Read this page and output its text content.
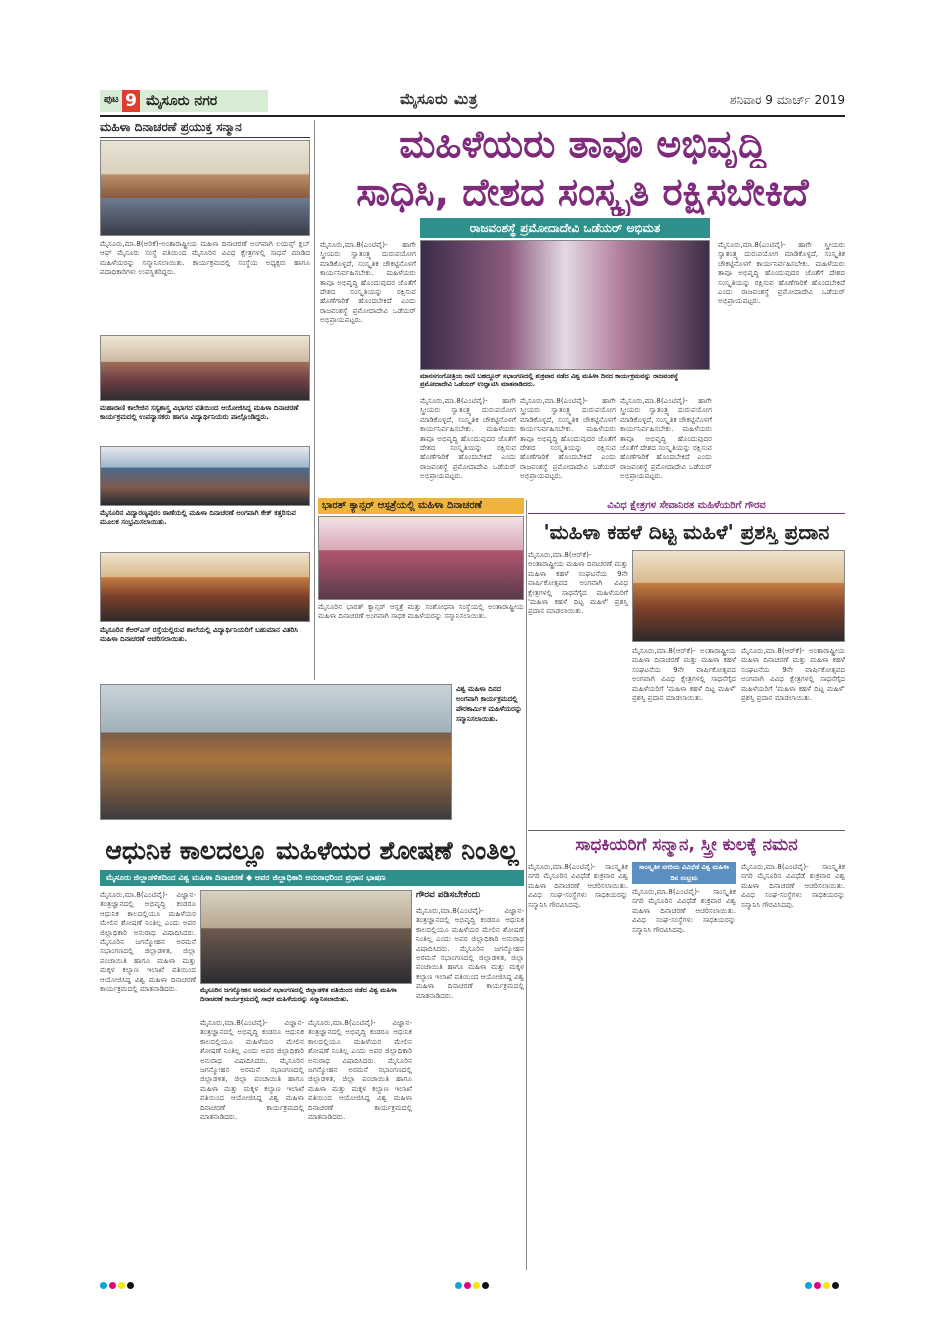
ಪುಟ 9 ಮೈಸೂರು ನಗರ	ಮೈಸೂರು ಮಿತ್ರ	ಶನಿವಾರ 9 ಮಾರ್ಚ್ 2019
ಮಹಿಳಾ ದಿನಾಚರಣೆ ಪ್ರಯುಕ್ತ ಸನ್ಮಾನ
ಮೈಸೂರು,ಮಾ.8(ಅರಿಕೆ)-ಅಂತಾರಾಷ್ಟ್ರೀಯ ಮಹಿಳಾ ದಿನಾಚರಣೆ ಅಂಗವಾಗಿ ಲಯನ್ಸ್ ಕ್ಲಬ್ ಆಫ್ ಮೈಸೂರು ಸಂಸ್ಥೆ ವತಿಯಿಂದ ಮೈಸೂರಿನ ವಿವಿಧ ಕ್ಷೇತ್ರಗಳಲ್ಲಿ ಸಾಧನೆ ಮಾಡಿದ ಮಹಿಳೆಯರನ್ನು ಸನ್ಮಾನಿಸಲಾಯಿತು. ಕಾರ್ಯಕ್ರಮದಲ್ಲಿ ಸಂಸ್ಥೆಯ ಅಧ್ಯಕ್ಷರು ಹಾಗೂ ಪದಾಧಿಕಾರಿಗಳು ಉಪಸ್ಥಿತರಿದ್ದರು.
ಮಹಾರಾಣಿ ಕಾಲೇಜಿನ ಸಸ್ಯಶಾಸ್ತ್ರ ವಿಭಾಗದ ವತಿಯಿಂದ ಆಯೋಜಿಸಿದ್ದ ಮಹಿಳಾ ದಿನಾಚರಣೆ ಕಾರ್ಯಕ್ರಮದಲ್ಲಿ ಉಪನ್ಯಾಸಕರು ಹಾಗೂ ವಿದ್ಯಾರ್ಥಿನಿಯರು ಪಾಲ್ಗೊಂಡಿದ್ದರು.
ಮೈಸೂರಿನ ವಿದ್ಯಾರಣ್ಯಪುರಂ ಠಾಣೆಯಲ್ಲಿ ಮಹಿಳಾ ದಿನಾಚರಣೆ ಅಂಗವಾಗಿ ಕೇಕ್ ಕತ್ತರಿಸುವ ಮೂಲಕ ಸಂಭ್ರಮಿಸಲಾಯಿತು.
ಮೈಸೂರಿನ ಕೆಆರ್‌ಎಸ್ ರಸ್ತೆಯಲ್ಲಿರುವ ಶಾಲೆಯಲ್ಲಿ ವಿದ್ಯಾರ್ಥಿನಿಯರಿಗೆ ಬಹುಮಾನ ವಿತರಿಸಿ ಮಹಿಳಾ ದಿನಾಚರಣೆ ಆಚರಿಸಲಾಯಿತು.
ಮಹಿಳೆಯರು ತಾವೂ ಅಭಿವೃದ್ಧಿ
ಸಾಧಿಸಿ, ದೇಶದ ಸಂಸ್ಕೃತಿ ರಕ್ಷಿಸಬೇಕಿದೆ
ರಾಜವಂಶಸ್ಥೆ ಪ್ರಮೋದಾದೇವಿ ಒಡೆಯರ್ ಅಭಿಮತ
ಮೈಸೂರು,ಮಾ.8(ಎಂಟಿವೈ)- ಹಾಗೇ ಸ್ತ್ರೀಯರು ಸ್ವಾತಂತ್ರ್ಯ ದುರುಪಯೋಗ ಮಾಡಿಕೊಳ್ಳದೆ, ಸಂಸ್ಕೃತಿಕ ಚೌಕಟ್ಟಿನೊಳಗೆ ಕಾರ್ಯನಿರ್ವಹಿಸಬೇಕು. ಮಹಿಳೆಯರು ತಾವೂ ಅಭಿವೃದ್ಧಿ ಹೊಂದುವುದರ ಜೊತೆಗೆ ದೇಶದ ಸಂಸ್ಕೃತಿಯನ್ನು ರಕ್ಷಿಸುವ ಹೊಣೆಗಾರಿಕೆ ಹೊಂದಬೇಕಿದೆ ಎಂದು ರಾಜವಂಶಸ್ಥೆ ಪ್ರಮೋದಾದೇವಿ ಒಡೆಯರ್ ಅಭಿಪ್ರಾಯಪಟ್ಟರು.
ಮಾನಸಗಂಗೋತ್ರಿಯ ರಾಣಿ ಬಹದ್ದೂರ್ ಸಭಾಂಗಣದಲ್ಲಿ ಶುಕ್ರವಾರ ನಡೆದ ವಿಶ್ವ ಮಹಿಳಾ ದಿನದ ಕಾರ್ಯಕ್ರಮವನ್ನು ರಾಜವಂಶಸ್ಥೆ ಪ್ರಮೋದಾದೇವಿ ಒಡೆಯರ್ ಉದ್ಘಾಟಿಸಿ ಮಾತನಾಡಿದರು.
ಮೈಸೂರು,ಮಾ.8(ಎಂಟಿವೈ)- ಹಾಗೇ ಸ್ತ್ರೀಯರು ಸ್ವಾತಂತ್ರ್ಯ ದುರುಪಯೋಗ ಮಾಡಿಕೊಳ್ಳದೆ, ಸಂಸ್ಕೃತಿಕ ಚೌಕಟ್ಟಿನೊಳಗೆ ಕಾರ್ಯನಿರ್ವಹಿಸಬೇಕು. ಮಹಿಳೆಯರು ತಾವೂ ಅಭಿವೃದ್ಧಿ ಹೊಂದುವುದರ ಜೊತೆಗೆ ದೇಶದ ಸಂಸ್ಕೃತಿಯನ್ನು ರಕ್ಷಿಸುವ ಹೊಣೆಗಾರಿಕೆ ಹೊಂದಬೇಕಿದೆ ಎಂದು ರಾಜವಂಶಸ್ಥೆ ಪ್ರಮೋದಾದೇವಿ ಒಡೆಯರ್ ಅಭಿಪ್ರಾಯಪಟ್ಟರು.
ಮೈಸೂರು,ಮಾ.8(ಎಂಟಿವೈ)- ಹಾಗೇ ಸ್ತ್ರೀಯರು ಸ್ವಾತಂತ್ರ್ಯ ದುರುಪಯೋಗ ಮಾಡಿಕೊಳ್ಳದೆ, ಸಂಸ್ಕೃತಿಕ ಚೌಕಟ್ಟಿನೊಳಗೆ ಕಾರ್ಯನಿರ್ವಹಿಸಬೇಕು. ಮಹಿಳೆಯರು ತಾವೂ ಅಭಿವೃದ್ಧಿ ಹೊಂದುವುದರ ಜೊತೆಗೆ ದೇಶದ ಸಂಸ್ಕೃತಿಯನ್ನು ರಕ್ಷಿಸುವ ಹೊಣೆಗಾರಿಕೆ ಹೊಂದಬೇಕಿದೆ ಎಂದು ರಾಜವಂಶಸ್ಥೆ ಪ್ರಮೋದಾದೇವಿ ಒಡೆಯರ್ ಅಭಿಪ್ರಾಯಪಟ್ಟರು.
ಮೈಸೂರು,ಮಾ.8(ಎಂಟಿವೈ)- ಹಾಗೇ ಸ್ತ್ರೀಯರು ಸ್ವಾತಂತ್ರ್ಯ ದುರುಪಯೋಗ ಮಾಡಿಕೊಳ್ಳದೆ, ಸಂಸ್ಕೃತಿಕ ಚೌಕಟ್ಟಿನೊಳಗೆ ಕಾರ್ಯನಿರ್ವಹಿಸಬೇಕು. ಮಹಿಳೆಯರು ತಾವೂ ಅಭಿವೃದ್ಧಿ ಹೊಂದುವುದರ ಜೊತೆಗೆ ದೇಶದ ಸಂಸ್ಕೃತಿಯನ್ನು ರಕ್ಷಿಸುವ ಹೊಣೆಗಾರಿಕೆ ಹೊಂದಬೇಕಿದೆ ಎಂದು ರಾಜವಂಶಸ್ಥೆ ಪ್ರಮೋದಾದೇವಿ ಒಡೆಯರ್ ಅಭಿಪ್ರಾಯಪಟ್ಟರು.
ಮೈಸೂರು,ಮಾ.8(ಎಂಟಿವೈ)- ಹಾಗೇ ಸ್ತ್ರೀಯರು ಸ್ವಾತಂತ್ರ್ಯ ದುರುಪಯೋಗ ಮಾಡಿಕೊಳ್ಳದೆ, ಸಂಸ್ಕೃತಿಕ ಚೌಕಟ್ಟಿನೊಳಗೆ ಕಾರ್ಯನಿರ್ವಹಿಸಬೇಕು. ಮಹಿಳೆಯರು ತಾವೂ ಅಭಿವೃದ್ಧಿ ಹೊಂದುವುದರ ಜೊತೆಗೆ ದೇಶದ ಸಂಸ್ಕೃತಿಯನ್ನು ರಕ್ಷಿಸುವ ಹೊಣೆಗಾರಿಕೆ ಹೊಂದಬೇಕಿದೆ ಎಂದು ರಾಜವಂಶಸ್ಥೆ ಪ್ರಮೋದಾದೇವಿ ಒಡೆಯರ್ ಅಭಿಪ್ರಾಯಪಟ್ಟರು.
ಭಾರತ್ ಕ್ಯಾನ್ಸರ್ ಆಸ್ಪತ್ರೆಯಲ್ಲಿ ಮಹಿಳಾ ದಿನಾಚರಣೆ
ಮೈಸೂರಿನ ಭಾರತ್ ಕ್ಯಾನ್ಸರ್ ಆಸ್ಪತ್ರೆ ಮತ್ತು ಸಂಶೋಧನಾ ಸಂಸ್ಥೆಯಲ್ಲಿ ಅಂತಾರಾಷ್ಟ್ರೀಯ ಮಹಿಳಾ ದಿನಾಚರಣೆ ಅಂಗವಾಗಿ ಸಾಧಕ ಮಹಿಳೆಯರನ್ನು ಸನ್ಮಾನಿಸಲಾಯಿತು.
ವಿವಿಧ ಕ್ಷೇತ್ರಗಳ ಸೇವಾನಿರತ ಮಹಿಳೆಯರಿಗೆ ಗೌರವ
'ಮಹಿಳಾ ಕಹಳೆ ದಿಟ್ಟ ಮಹಿಳೆ' ಪ್ರಶಸ್ತಿ ಪ್ರದಾನ
ಮೈಸೂರು,ಮಾ.8(ಆರ್‌ಕೆ)- ಅಂತಾರಾಷ್ಟ್ರೀಯ ಮಹಿಳಾ ದಿನಾಚರಣೆ ಮತ್ತು ಮಹಿಳಾ ಕಹಳೆ ಸಂಘಟನೆಯ 9ನೇ ವಾರ್ಷಿಕೋತ್ಸವದ ಅಂಗವಾಗಿ ವಿವಿಧ ಕ್ಷೇತ್ರಗಳಲ್ಲಿ ಸಾಧನೆಗೈದ ಮಹಿಳೆಯರಿಗೆ 'ಮಹಿಳಾ ಕಹಳೆ ದಿಟ್ಟ ಮಹಿಳೆ' ಪ್ರಶಸ್ತಿ ಪ್ರದಾನ ಮಾಡಲಾಯಿತು.
ಮೈಸೂರು,ಮಾ.8(ಆರ್‌ಕೆ)- ಅಂತಾರಾಷ್ಟ್ರೀಯ ಮಹಿಳಾ ದಿನಾಚರಣೆ ಮತ್ತು ಮಹಿಳಾ ಕಹಳೆ ಸಂಘಟನೆಯ 9ನೇ ವಾರ್ಷಿಕೋತ್ಸವದ ಅಂಗವಾಗಿ ವಿವಿಧ ಕ್ಷೇತ್ರಗಳಲ್ಲಿ ಸಾಧನೆಗೈದ ಮಹಿಳೆಯರಿಗೆ 'ಮಹಿಳಾ ಕಹಳೆ ದಿಟ್ಟ ಮಹಿಳೆ' ಪ್ರಶಸ್ತಿ ಪ್ರದಾನ ಮಾಡಲಾಯಿತು.
ಮೈಸೂರು,ಮಾ.8(ಆರ್‌ಕೆ)- ಅಂತಾರಾಷ್ಟ್ರೀಯ ಮಹಿಳಾ ದಿನಾಚರಣೆ ಮತ್ತು ಮಹಿಳಾ ಕಹಳೆ ಸಂಘಟನೆಯ 9ನೇ ವಾರ್ಷಿಕೋತ್ಸವದ ಅಂಗವಾಗಿ ವಿವಿಧ ಕ್ಷೇತ್ರಗಳಲ್ಲಿ ಸಾಧನೆಗೈದ ಮಹಿಳೆಯರಿಗೆ 'ಮಹಿಳಾ ಕಹಳೆ ದಿಟ್ಟ ಮಹಿಳೆ' ಪ್ರಶಸ್ತಿ ಪ್ರದಾನ ಮಾಡಲಾಯಿತು.
ವಿಶ್ವ ಮಹಿಳಾ ದಿನದ ಅಂಗವಾಗಿ ಕಾರ್ಯಕ್ರಮದಲ್ಲಿ ಪೌರಕಾರ್ಮಿಕ ಮಹಿಳೆಯರನ್ನು ಸನ್ಮಾನಿಸಲಾಯಿತು.
ಸಾಧಕಿಯರಿಗೆ ಸನ್ಮಾನ, ಸ್ತ್ರೀ ಕುಲಕ್ಕೆ ನಮನ
ಮೈಸೂರು,ಮಾ.8(ಎಂಟಿವೈ)- ಸಾಂಸ್ಕೃತಿಕ ನಗರಿ ಮೈಸೂರಿನ ವಿವಿಧೆಡೆ ಶುಕ್ರವಾರ ವಿಶ್ವ ಮಹಿಳಾ ದಿನಾಚರಣೆ ಆಚರಿಸಲಾಯಿತು. ವಿವಿಧ ಸಂಘ-ಸಂಸ್ಥೆಗಳು ಸಾಧಕಿಯರನ್ನು ಸನ್ಮಾನಿಸಿ ಗೌರವಿಸಿದವು.
ಸಾಂಸ್ಕೃತಿಕ ನಗರಿಯ ವಿವಿಧೆಡೆ ವಿಶ್ವ ಮಹಿಳಾ ದಿನ ಸಂಭ್ರಮ
ಮೈಸೂರು,ಮಾ.8(ಎಂಟಿವೈ)- ಸಾಂಸ್ಕೃತಿಕ ನಗರಿ ಮೈಸೂರಿನ ವಿವಿಧೆಡೆ ಶುಕ್ರವಾರ ವಿಶ್ವ ಮಹಿಳಾ ದಿನಾಚರಣೆ ಆಚರಿಸಲಾಯಿತು. ವಿವಿಧ ಸಂಘ-ಸಂಸ್ಥೆಗಳು ಸಾಧಕಿಯರನ್ನು ಸನ್ಮಾನಿಸಿ ಗೌರವಿಸಿದವು.
ಮೈಸೂರು,ಮಾ.8(ಎಂಟಿವೈ)- ಸಾಂಸ್ಕೃತಿಕ ನಗರಿ ಮೈಸೂರಿನ ವಿವಿಧೆಡೆ ಶುಕ್ರವಾರ ವಿಶ್ವ ಮಹಿಳಾ ದಿನಾಚರಣೆ ಆಚರಿಸಲಾಯಿತು. ವಿವಿಧ ಸಂಘ-ಸಂಸ್ಥೆಗಳು ಸಾಧಕಿಯರನ್ನು ಸನ್ಮಾನಿಸಿ ಗೌರವಿಸಿದವು.
ಆಧುನಿಕ ಕಾಲದಲ್ಲೂ ಮಹಿಳೆಯರ ಶೋಷಣೆ ನಿಂತಿಲ್ಲ
ಮೈಸೂರು ಜಿಲ್ಲಾಡಳಿತದಿಂದ ವಿಶ್ವ ಮಹಿಳಾ ದಿನಾಚರಣೆ ◆ ಅವರ ಜಿಲ್ಲಾಧಿಕಾರಿ ಅನುರಾಧರಿಂದ ಪ್ರಧಾನ ಭಾಷಣ
ಮೈಸೂರು,ಮಾ.8(ಎಂಟಿವೈ)- ವಿಜ್ಞಾನ-ತಂತ್ರಜ್ಞಾನದಲ್ಲಿ ಅಭಿವೃದ್ಧಿ ಕಂಡರೂ ಆಧುನಿಕ ಕಾಲದಲ್ಲಿಯೂ ಮಹಿಳೆಯರ ಮೇಲಿನ ಶೋಷಣೆ ನಿಂತಿಲ್ಲ ಎಂದು ಅಪರ ಜಿಲ್ಲಾಧಿಕಾರಿ ಅನುರಾಧ ವಿಷಾದಿಸಿದರು. ಮೈಸೂರಿನ ಜಗನ್ಮೋಹನ ಅರಮನೆ ಸಭಾಂಗಣದಲ್ಲಿ ಜಿಲ್ಲಾಡಳಿತ, ಜಿಲ್ಲಾ ಪಂಚಾಯಿತಿ ಹಾಗೂ ಮಹಿಳಾ ಮತ್ತು ಮಕ್ಕಳ ಕಲ್ಯಾಣ ಇಲಾಖೆ ವತಿಯಿಂದ ಆಯೋಜಿಸಿದ್ದ ವಿಶ್ವ ಮಹಿಳಾ ದಿನಾಚರಣೆ ಕಾರ್ಯಕ್ರಮದಲ್ಲಿ ಮಾತನಾಡಿದರು.	ಮೈಸೂರಿನ ಜಗನ್ಮೋಹನ ಅರಮನೆ ಸಭಾಂಗಣದಲ್ಲಿ ಜಿಲ್ಲಾಡಳಿತ ವತಿಯಿಂದ ನಡೆದ ವಿಶ್ವ ಮಹಿಳಾ ದಿನಾಚರಣೆ ಕಾರ್ಯಕ್ರಮದಲ್ಲಿ ಸಾಧಕ ಮಹಿಳೆಯರನ್ನು ಸನ್ಮಾನಿಸಲಾಯಿತು.
ಗೌರವ ಪಡಿಸಬೇಕೆಂದು
ಮೈಸೂರು,ಮಾ.8(ಎಂಟಿವೈ)- ವಿಜ್ಞಾನ-ತಂತ್ರಜ್ಞಾನದಲ್ಲಿ ಅಭಿವೃದ್ಧಿ ಕಂಡರೂ ಆಧುನಿಕ ಕಾಲದಲ್ಲಿಯೂ ಮಹಿಳೆಯರ ಮೇಲಿನ ಶೋಷಣೆ ನಿಂತಿಲ್ಲ ಎಂದು ಅಪರ ಜಿಲ್ಲಾಧಿಕಾರಿ ಅನುರಾಧ ವಿಷಾದಿಸಿದರು. ಮೈಸೂರಿನ ಜಗನ್ಮೋಹನ ಅರಮನೆ ಸಭಾಂಗಣದಲ್ಲಿ ಜಿಲ್ಲಾಡಳಿತ, ಜಿಲ್ಲಾ ಪಂಚಾಯಿತಿ ಹಾಗೂ ಮಹಿಳಾ ಮತ್ತು ಮಕ್ಕಳ ಕಲ್ಯಾಣ ಇಲಾಖೆ ವತಿಯಿಂದ ಆಯೋಜಿಸಿದ್ದ ವಿಶ್ವ ಮಹಿಳಾ ದಿನಾಚರಣೆ ಕಾರ್ಯಕ್ರಮದಲ್ಲಿ ಮಾತನಾಡಿದರು.
ಮೈಸೂರು,ಮಾ.8(ಎಂಟಿವೈ)- ವಿಜ್ಞಾನ-ತಂತ್ರಜ್ಞಾನದಲ್ಲಿ ಅಭಿವೃದ್ಧಿ ಕಂಡರೂ ಆಧುನಿಕ ಕಾಲದಲ್ಲಿಯೂ ಮಹಿಳೆಯರ ಮೇಲಿನ ಶೋಷಣೆ ನಿಂತಿಲ್ಲ ಎಂದು ಅಪರ ಜಿಲ್ಲಾಧಿಕಾರಿ ಅನುರಾಧ ವಿಷಾದಿಸಿದರು. ಮೈಸೂರಿನ ಜಗನ್ಮೋಹನ ಅರಮನೆ ಸಭಾಂಗಣದಲ್ಲಿ ಜಿಲ್ಲಾಡಳಿತ, ಜಿಲ್ಲಾ ಪಂಚಾಯಿತಿ ಹಾಗೂ ಮಹಿಳಾ ಮತ್ತು ಮಕ್ಕಳ ಕಲ್ಯಾಣ ಇಲಾಖೆ ವತಿಯಿಂದ ಆಯೋಜಿಸಿದ್ದ ವಿಶ್ವ ಮಹಿಳಾ ದಿನಾಚರಣೆ ಕಾರ್ಯಕ್ರಮದಲ್ಲಿ ಮಾತನಾಡಿದರು.
ಮೈಸೂರು,ಮಾ.8(ಎಂಟಿವೈ)- ವಿಜ್ಞಾನ-ತಂತ್ರಜ್ಞಾನದಲ್ಲಿ ಅಭಿವೃದ್ಧಿ ಕಂಡರೂ ಆಧುನಿಕ ಕಾಲದಲ್ಲಿಯೂ ಮಹಿಳೆಯರ ಮೇಲಿನ ಶೋಷಣೆ ನಿಂತಿಲ್ಲ ಎಂದು ಅಪರ ಜಿಲ್ಲಾಧಿಕಾರಿ ಅನುರಾಧ ವಿಷಾದಿಸಿದರು. ಮೈಸೂರಿನ ಜಗನ್ಮೋಹನ ಅರಮನೆ ಸಭಾಂಗಣದಲ್ಲಿ ಜಿಲ್ಲಾಡಳಿತ, ಜಿಲ್ಲಾ ಪಂಚಾಯಿತಿ ಹಾಗೂ ಮಹಿಳಾ ಮತ್ತು ಮಕ್ಕಳ ಕಲ್ಯಾಣ ಇಲಾಖೆ ವತಿಯಿಂದ ಆಯೋಜಿಸಿದ್ದ ವಿಶ್ವ ಮಹಿಳಾ ದಿನಾಚರಣೆ ಕಾರ್ಯಕ್ರಮದಲ್ಲಿ ಮಾತನಾಡಿದರು.
